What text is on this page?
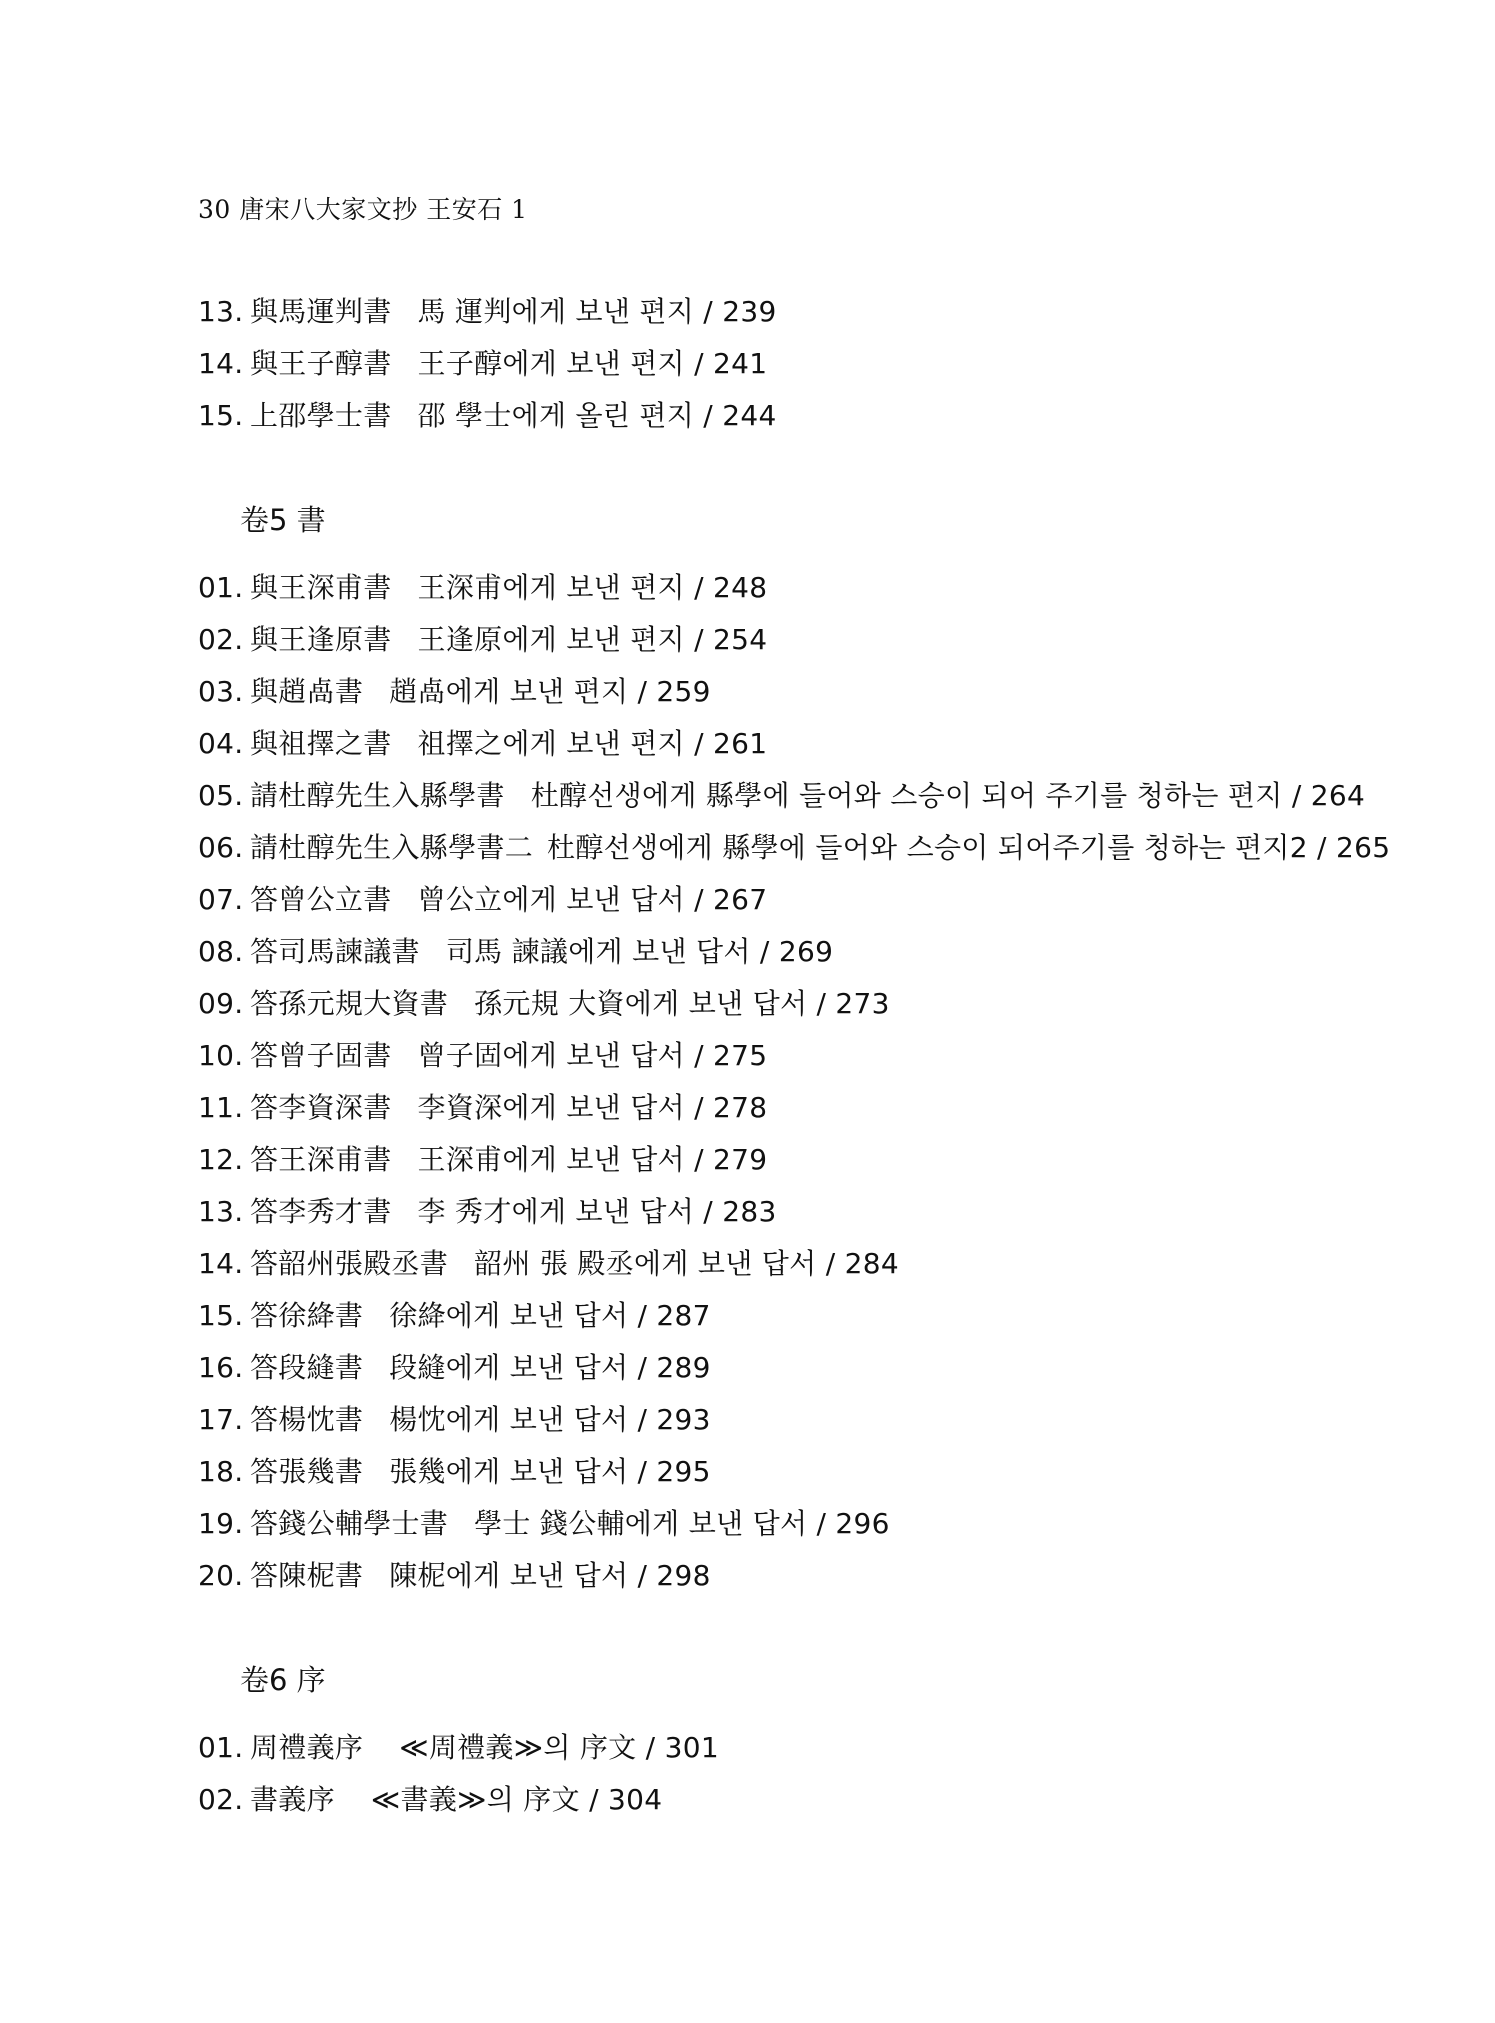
30 唐宋八大家文抄 王安石 1
13. 與馬運判書 馬 運判에게 보낸 편지 / 239
14. 與王子醇書 王子醇에게 보낸 편지 / 241
15. 上邵學士書 邵 學士에게 올린 편지 / 244
卷5 書
01. 與王深甫書 王深甫에게 보낸 편지 / 248
02. 與王逢原書 王逢原에게 보낸 편지 / 254
03. 與趙卨書 趙卨에게 보낸 편지 / 259
04. 與祖擇之書 祖擇之에게 보낸 편지 / 261
05. 請杜醇先生入縣學書 杜醇선생에게 縣學에 들어와 스승이 되어 주기를 청하는 편지 / 264
06. 請杜醇先生入縣學書二 杜醇선생에게 縣學에 들어와 스승이 되어주기를 청하는 편지2 / 265
07. 答曾公立書 曾公立에게 보낸 답서 / 267
08. 答司馬諫議書 司馬 諫議에게 보낸 답서 / 269
09. 答孫元規大資書 孫元規 大資에게 보낸 답서 / 273
10. 答曾子固書 曾子固에게 보낸 답서 / 275
11. 答李資深書 李資深에게 보낸 답서 / 278
12. 答王深甫書 王深甫에게 보낸 답서 / 279
13. 答李秀才書 李 秀才에게 보낸 답서 / 283
14. 答韶州張殿丞書 韶州 張 殿丞에게 보낸 답서 / 284
15. 答徐絳書 徐絳에게 보낸 답서 / 287
16. 答段縫書 段縫에게 보낸 답서 / 289
17. 答楊忱書 楊忱에게 보낸 답서 / 293
18. 答張幾書 張幾에게 보낸 답서 / 295
19. 答錢公輔學士書 學士 錢公輔에게 보낸 답서 / 296
20. 答陳柅書 陳柅에게 보낸 답서 / 298
卷6 序
01. 周禮義序 ≪周禮義≫의 序文 / 301
02. 書義序 ≪書義≫의 序文 / 304
